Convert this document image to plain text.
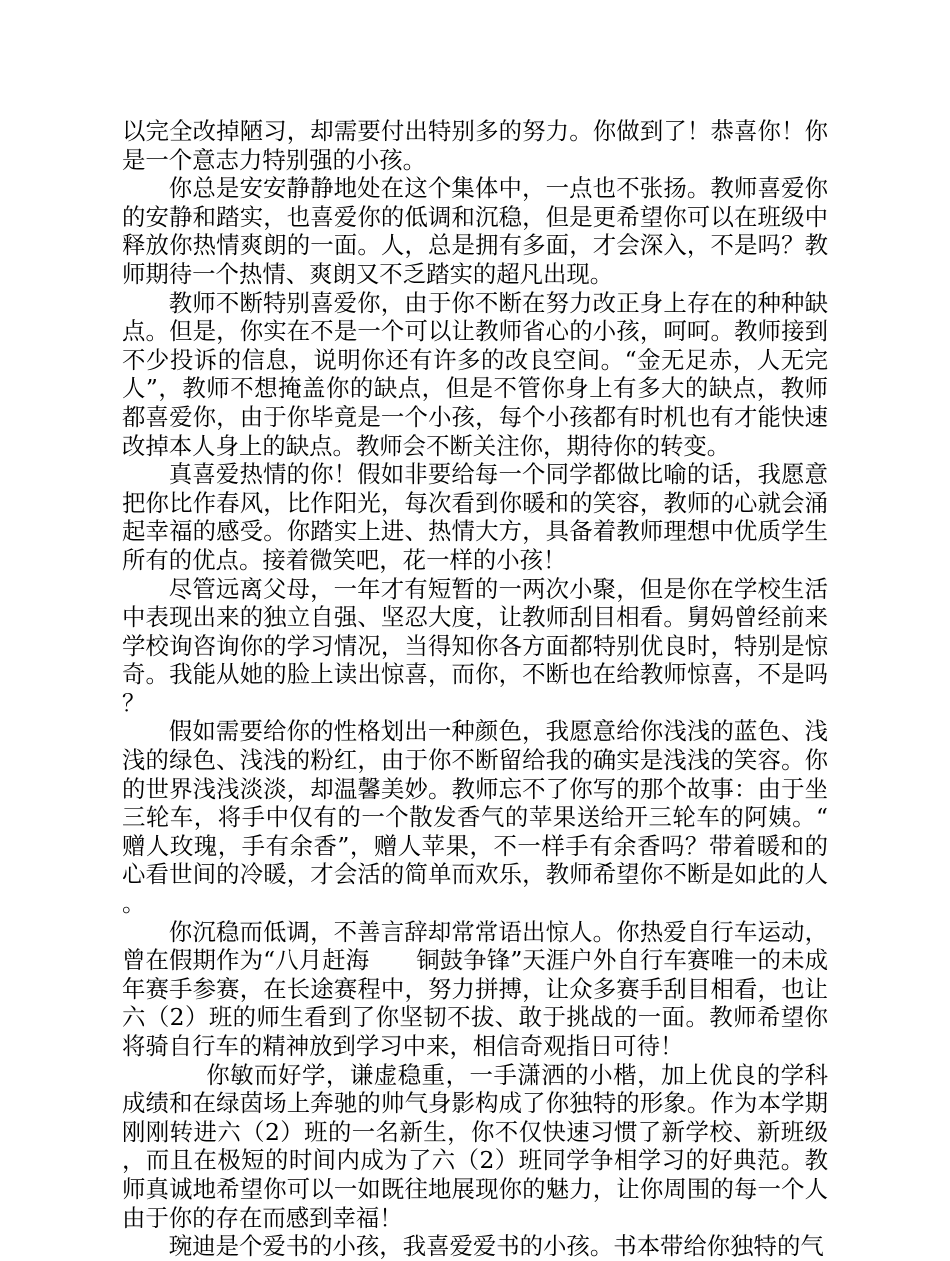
以完全改掉陋习，却需要付出特别多的努力。你做到了！恭喜你！你是一个意志力特别强的小孩。

你总是安安静静地处在这个集体中，一点也不张扬。教师喜爱你的安静和踏实，也喜爱你的低调和沉稳，但是更希望你可以在班级中释放你热情爽朗的一面。人，总是拥有多面，才会深入，不是吗？教师期待一个热情、爽朗又不乏踏实的超凡出现。

教师不断特别喜爱你，由于你不断在努力改正身上存在的种种缺点。但是，你实在不是一个可以让教师省心的小孩，呵呵。教师接到不少投诉的信息，说明你还有许多的改良空间。“金无足赤，人无完人”，教师不想掩盖你的缺点，但是不管你身上有多大的缺点，教师都喜爱你，由于你毕竟是一个小孩，每个小孩都有时机也有才能快速改掉本人身上的缺点。教师会不断关注你，期待你的转变。

真喜爱热情的你！假如非要给每一个同学都做比喻的话，我愿意把你比作春风，比作阳光，每次看到你暖和的笑容，教师的心就会涌起幸福的感受。你踏实上进、热情大方，具备着教师理想中优质学生所有的优点。接着微笑吧，花一样的小孩！

尽管远离父母，一年才有短暂的一两次小聚，但是你在学校生活中表现出来的独立自强、坚忍大度，让教师刮目相看。舅妈曾经前来学校询咨询你的学习情况，当得知你各方面都特别优良时，特别是惊奇。我能从她的脸上读出惊喜，而你，不断也在给教师惊喜，不是吗？

假如需要给你的性格划出一种颜色，我愿意给你浅浅的蓝色、浅浅的绿色、浅浅的粉红，由于你不断留给我的确实是浅浅的笑容。你的世界浅浅淡淡，却温馨美妙。教师忘不了你写的那个故事：由于坐三轮车，将手中仅有的一个散发香气的苹果送给开三轮车的阿姨。“赠人玫瑰，手有余香”，赠人苹果，不一样手有余香吗？带着暖和的心看世间的冷暖，才会活的简单而欢乐，教师希望你不断是如此的人。

你沉稳而低调，不善言辞却常常语出惊人。你热爱自行车运动，曾在假期作为“八月赶海　　铜鼓争锋”天涯户外自行车赛唯一的未成年赛手参赛，在长途赛程中，努力拼搏，让众多赛手刮目相看，也让六（2）班的师生看到了你坚韧不拔、敢于挑战的一面。教师希望你将骑自行车的精神放到学习中来，相信奇观指日可待！

你敏而好学，谦虚稳重，一手潇洒的小楷，加上优良的学科成绩和在绿茵场上奔驰的帅气身影构成了你独特的形象。作为本学期刚刚转进六（2）班的一名新生，你不仅快速习惯了新学校、新班级，而且在极短的时间内成为了六（2）班同学争相学习的好典范。教师真诚地希望你可以一如既往地展现你的魅力，让你周围的每一个人由于你的存在而感到幸福！

琬迪是个爱书的小孩，我喜爱爱书的小孩。书本带给你独特的气
